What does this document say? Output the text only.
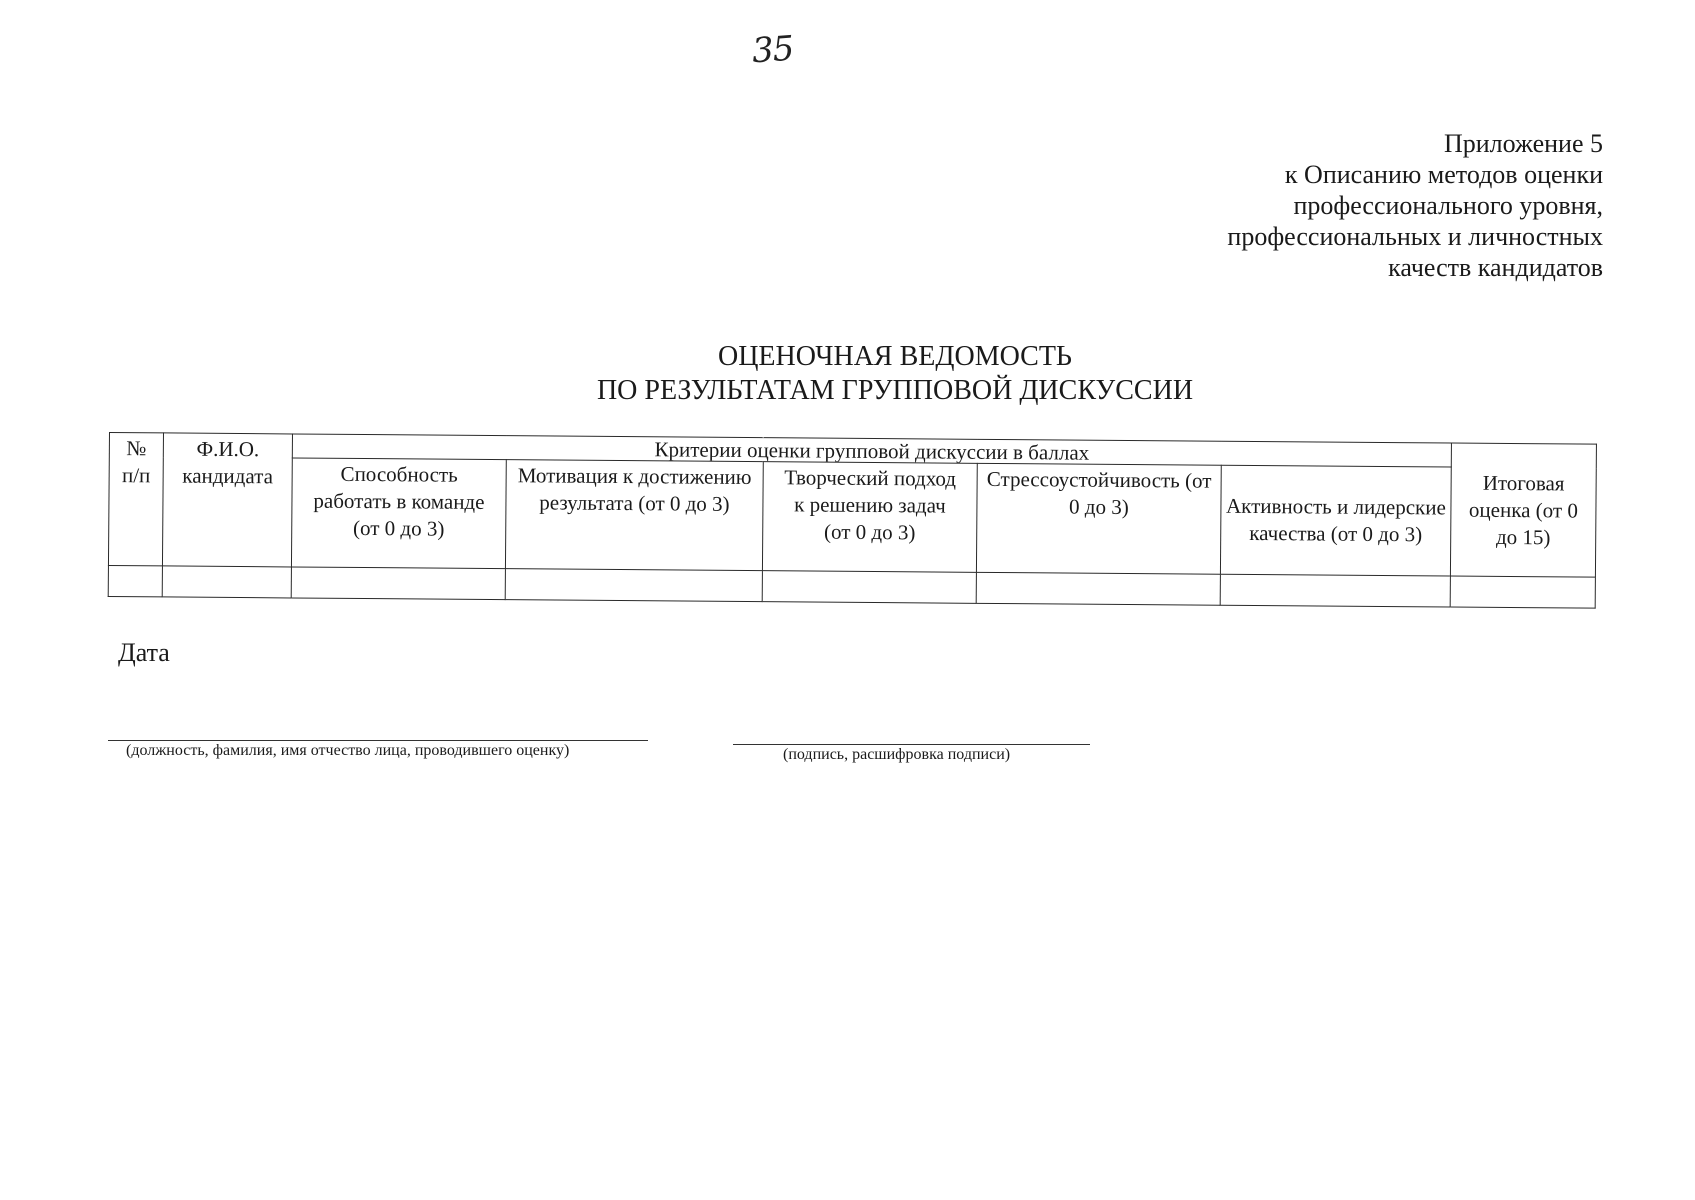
35
Приложение 5
к Описанию методов оценки
профессионального уровня,
профессиональных и личностных
качеств кандидатов
ОЦЕНОЧНАЯ ВЕДОМОСТЬ
ПО РЕЗУЛЬТАТАМ ГРУППОВОЙ ДИСКУССИИ
№ п/п	Ф.И.О. кандидата	Критерии оценки групповой дискуссии в баллах					Итоговая оценка (от 0 до 15)

		Способность работать в команде (от 0 до 3)	Мотивация к достижению результата (от 0 до 3)	Творческий подход к решению задач (от 0 до 3)	Стрессоустойчивость (от 0 до 3)	Активность и лидерские качества (от 0 до 3)	

Дата
(должность, фамилия, имя отчество лица, проводившего оценку)	(подпись, расшифровка подписи)
